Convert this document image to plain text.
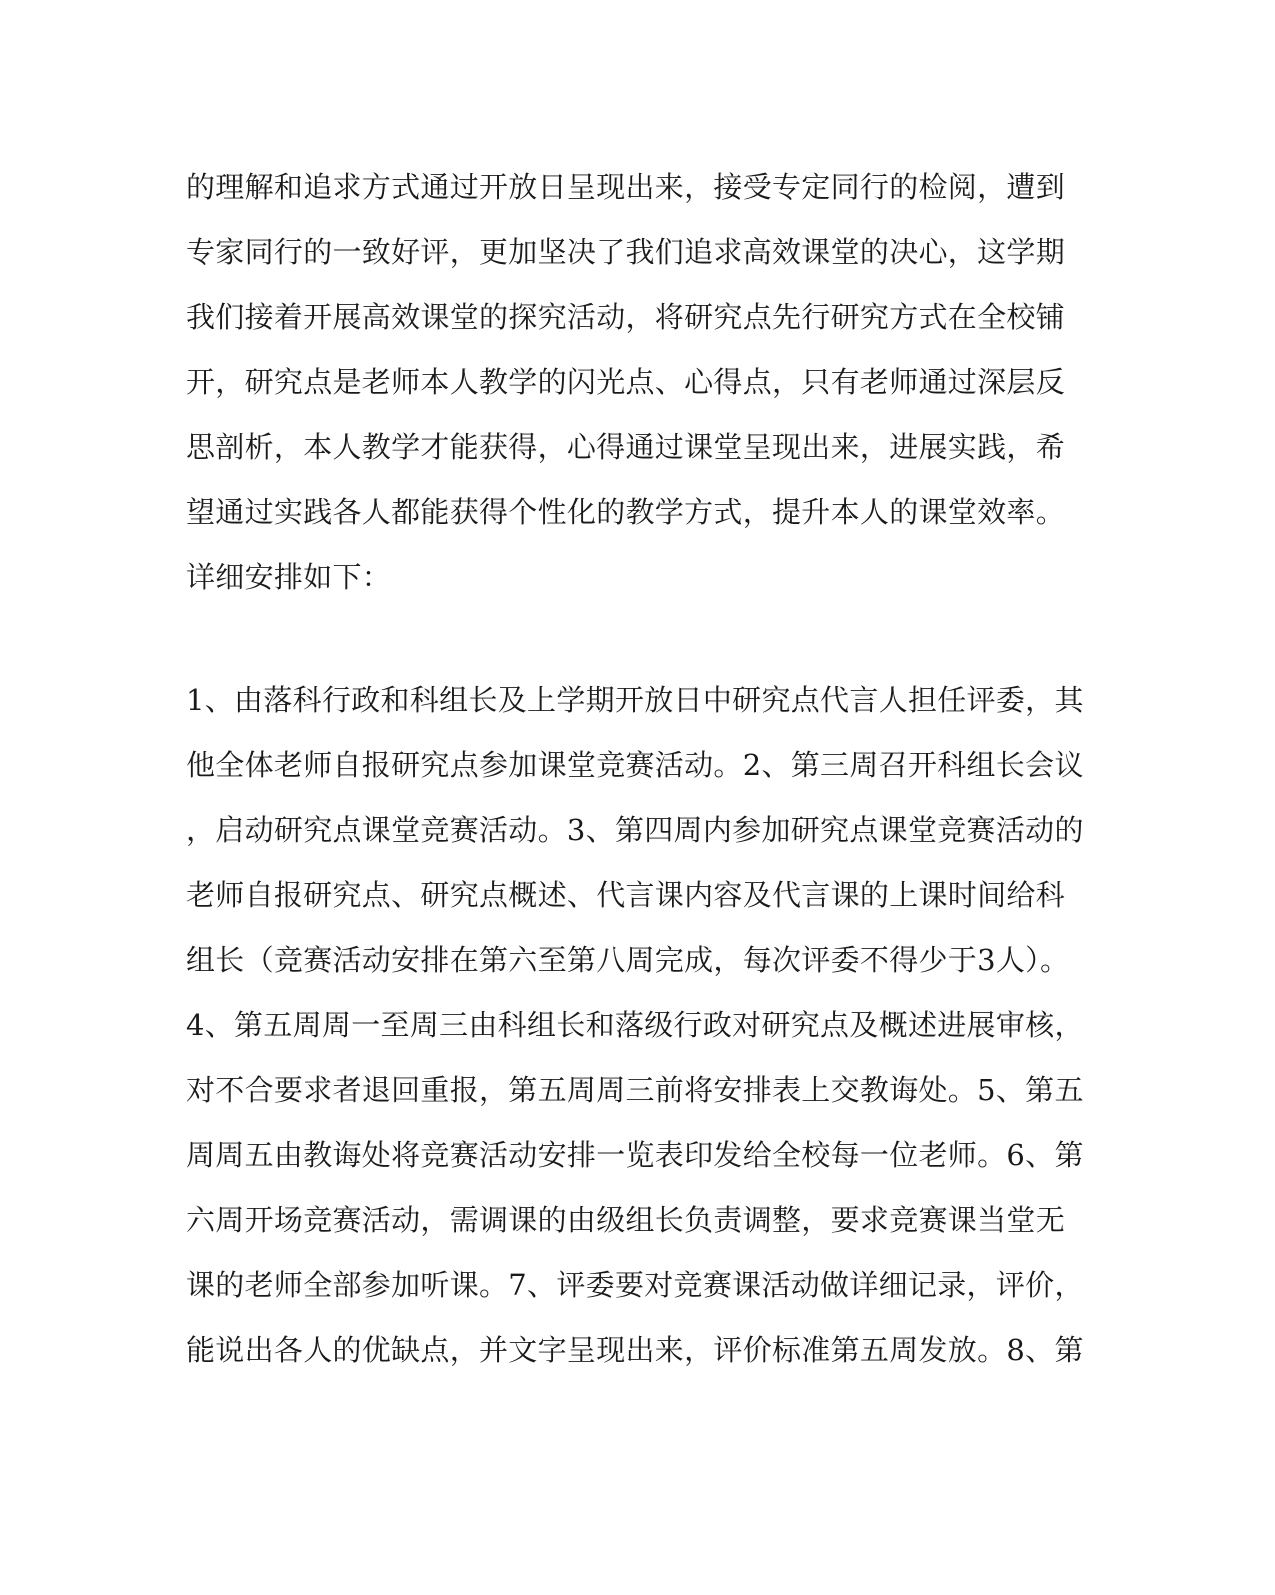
的理解和追求方式通过开放日呈现出来，接受专定同行的检阅，遭到
专家同行的一致好评，更加坚决了我们追求高效课堂的决心，这学期
我们接着开展高效课堂的探究活动，将研究点先行研究方式在全校铺
开，研究点是老师本人教学的闪光点、心得点，只有老师通过深层反
思剖析，本人教学才能获得，心得通过课堂呈现出来，进展实践，希
望通过实践各人都能获得个性化的教学方式，提升本人的课堂效率。
详细安排如下：
1、由落科行政和科组长及上学期开放日中研究点代言人担任评委，其
他全体老师自报研究点参加课堂竞赛活动。2、第三周召开科组长会议
，启动研究点课堂竞赛活动。3、第四周内参加研究点课堂竞赛活动的
老师自报研究点、研究点概述、代言课内容及代言课的上课时间给科
组长（竞赛活动安排在第六至第八周完成，每次评委不得少于3人）。
4、第五周周一至周三由科组长和落级行政对研究点及概述进展审核，
对不合要求者退回重报，第五周周三前将安排表上交教诲处。5、第五
周周五由教诲处将竞赛活动安排一览表印发给全校每一位老师。6、第
六周开场竞赛活动，需调课的由级组长负责调整，要求竞赛课当堂无
课的老师全部参加听课。7、评委要对竞赛课活动做详细记录，评价，
能说出各人的优缺点，并文字呈现出来，评价标准第五周发放。8、第
